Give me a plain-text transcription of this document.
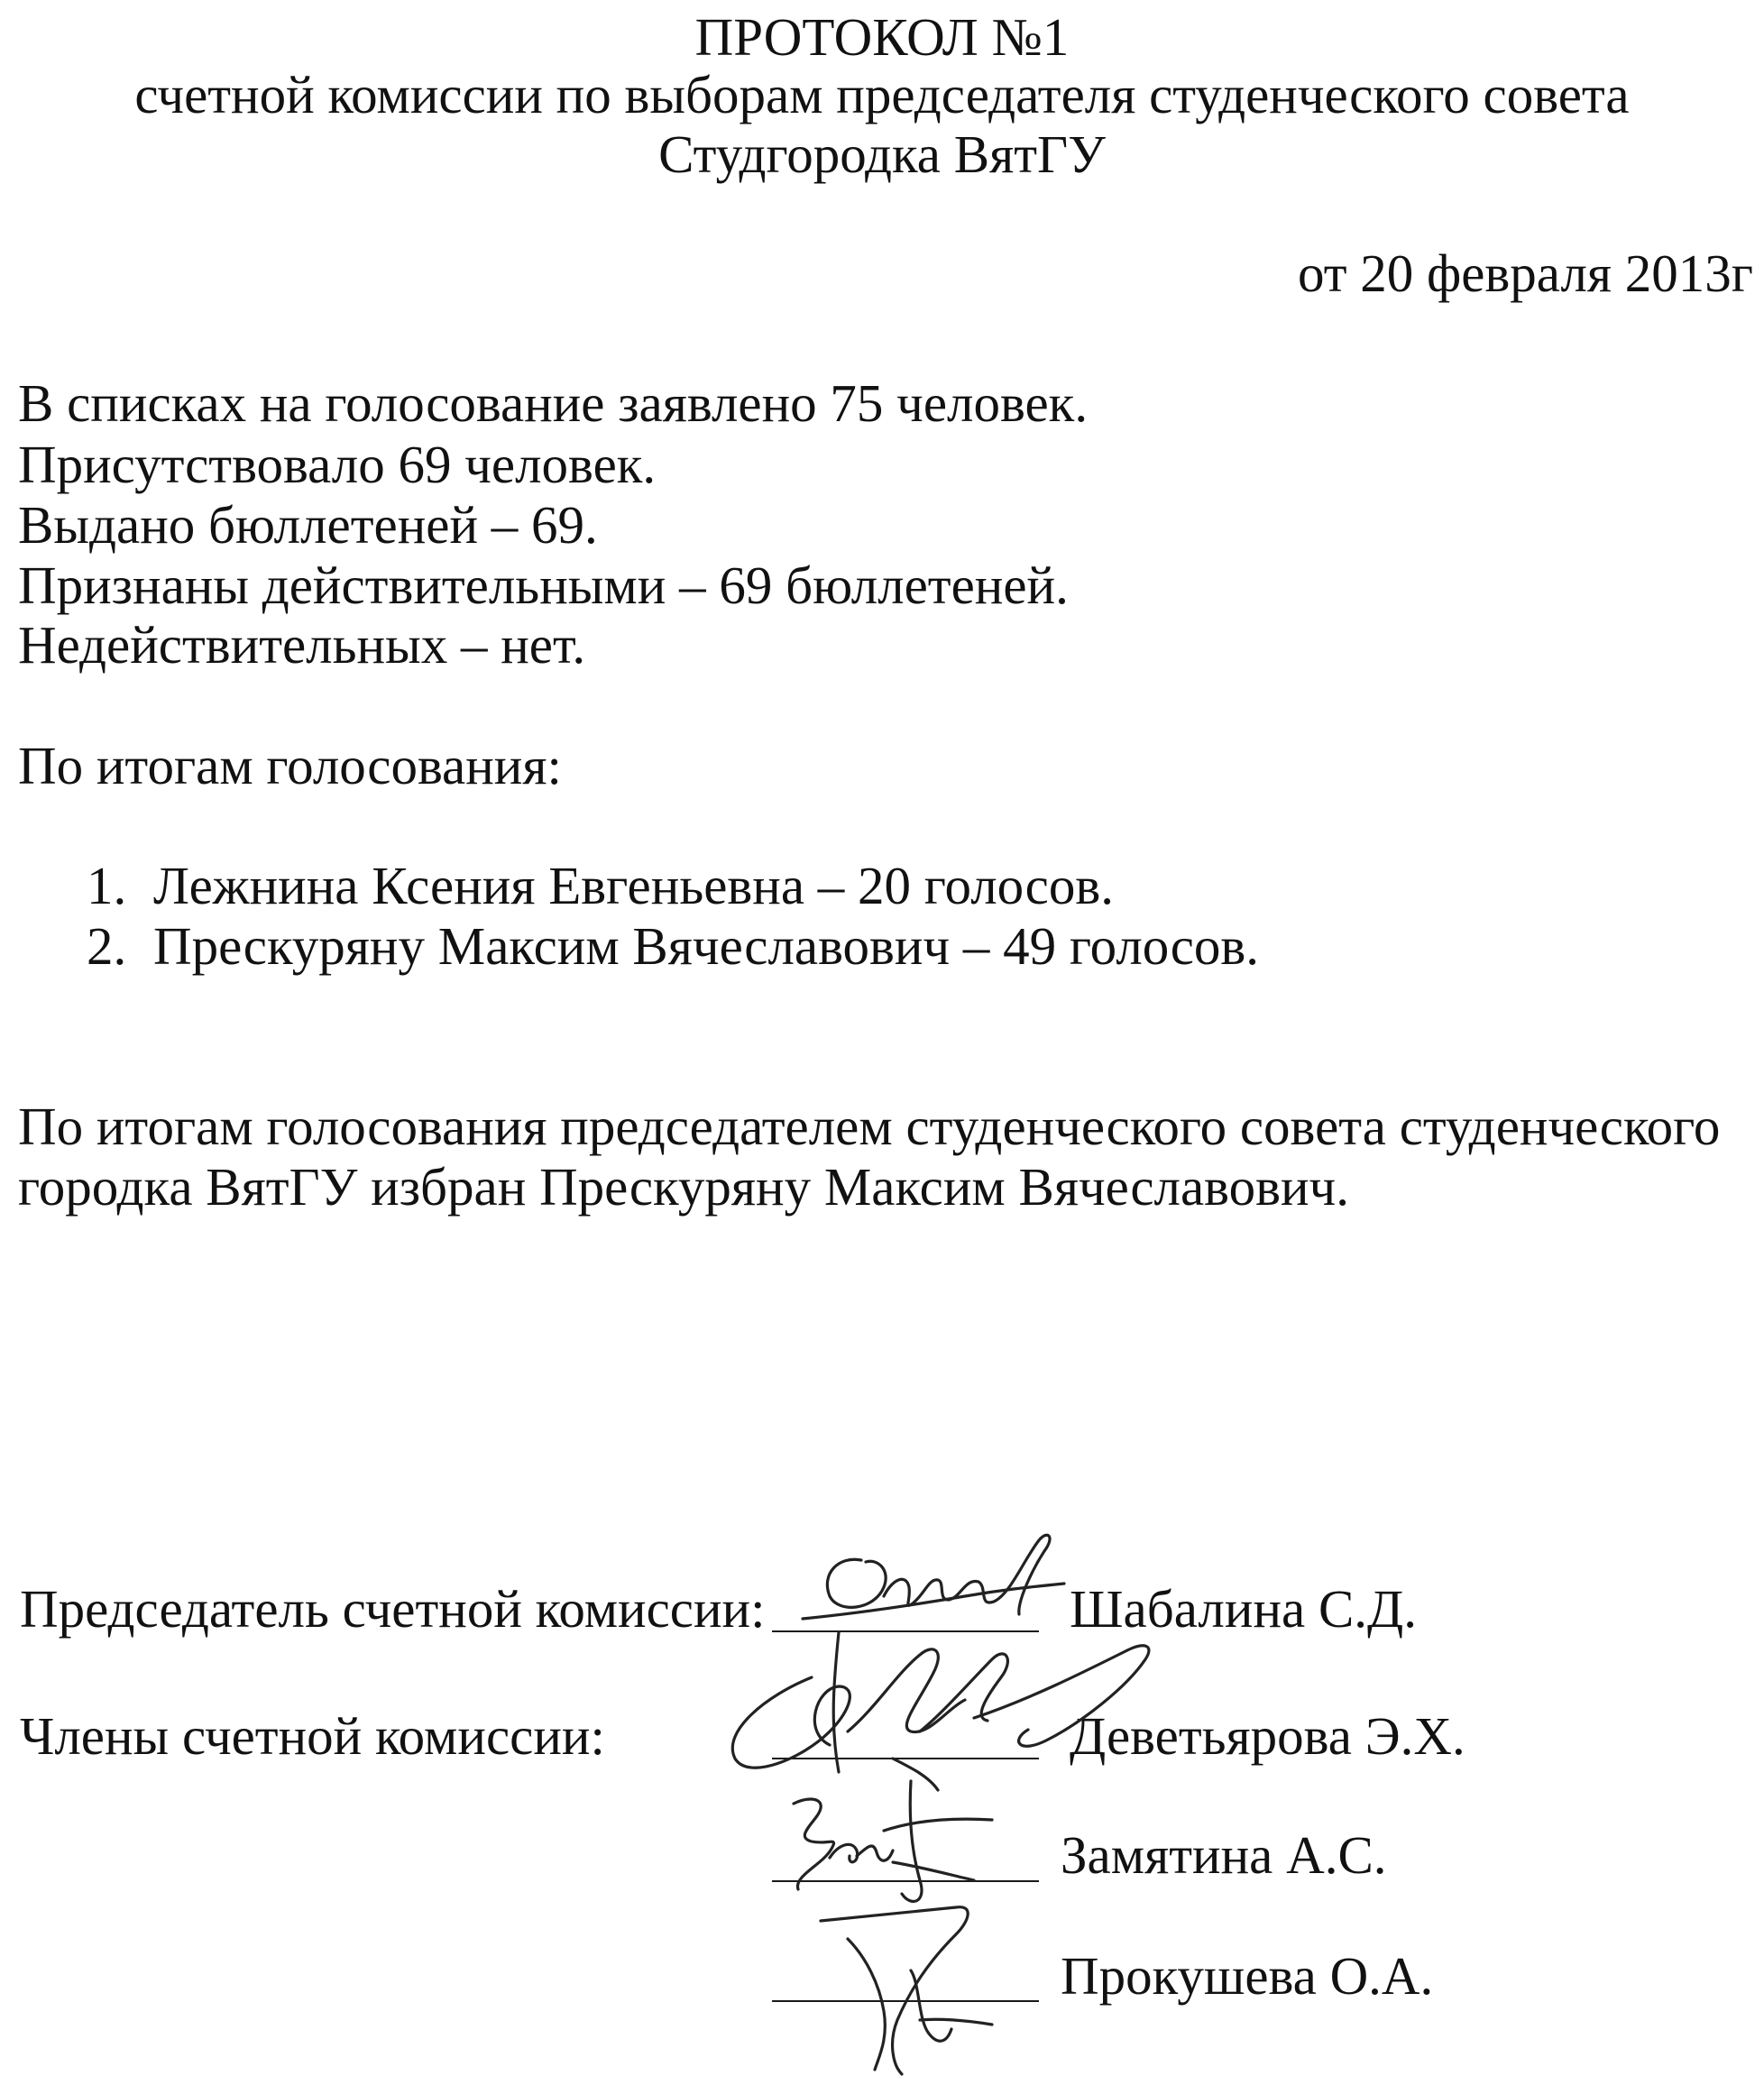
ПРОТОКОЛ №1
счетной комиссии по выборам председателя студенческого совета
Студгородка ВятГУ
от 20 февраля 2013г
В списках на голосование заявлено 75 человек.
Присутствовало 69 человек.
Выдано бюллетеней – 69.
Признаны действительными – 69 бюллетеней.
Недействительных – нет.
По итогам голосования:
1. Лежнина Ксения Евгеньевна – 20 голосов.
2. Прескуряну Максим Вячеславович – 49 голосов.
По итогам голосования председателем студенческого совета студенческого
городка ВятГУ избран Прескуряну Максим Вячеславович.
Председатель счетной комиссии:	Шабалина С.Д.
Члены счетной комиссии:	Деветьярова Э.Х.
Замятина А.С.
Прокушева О.А.
